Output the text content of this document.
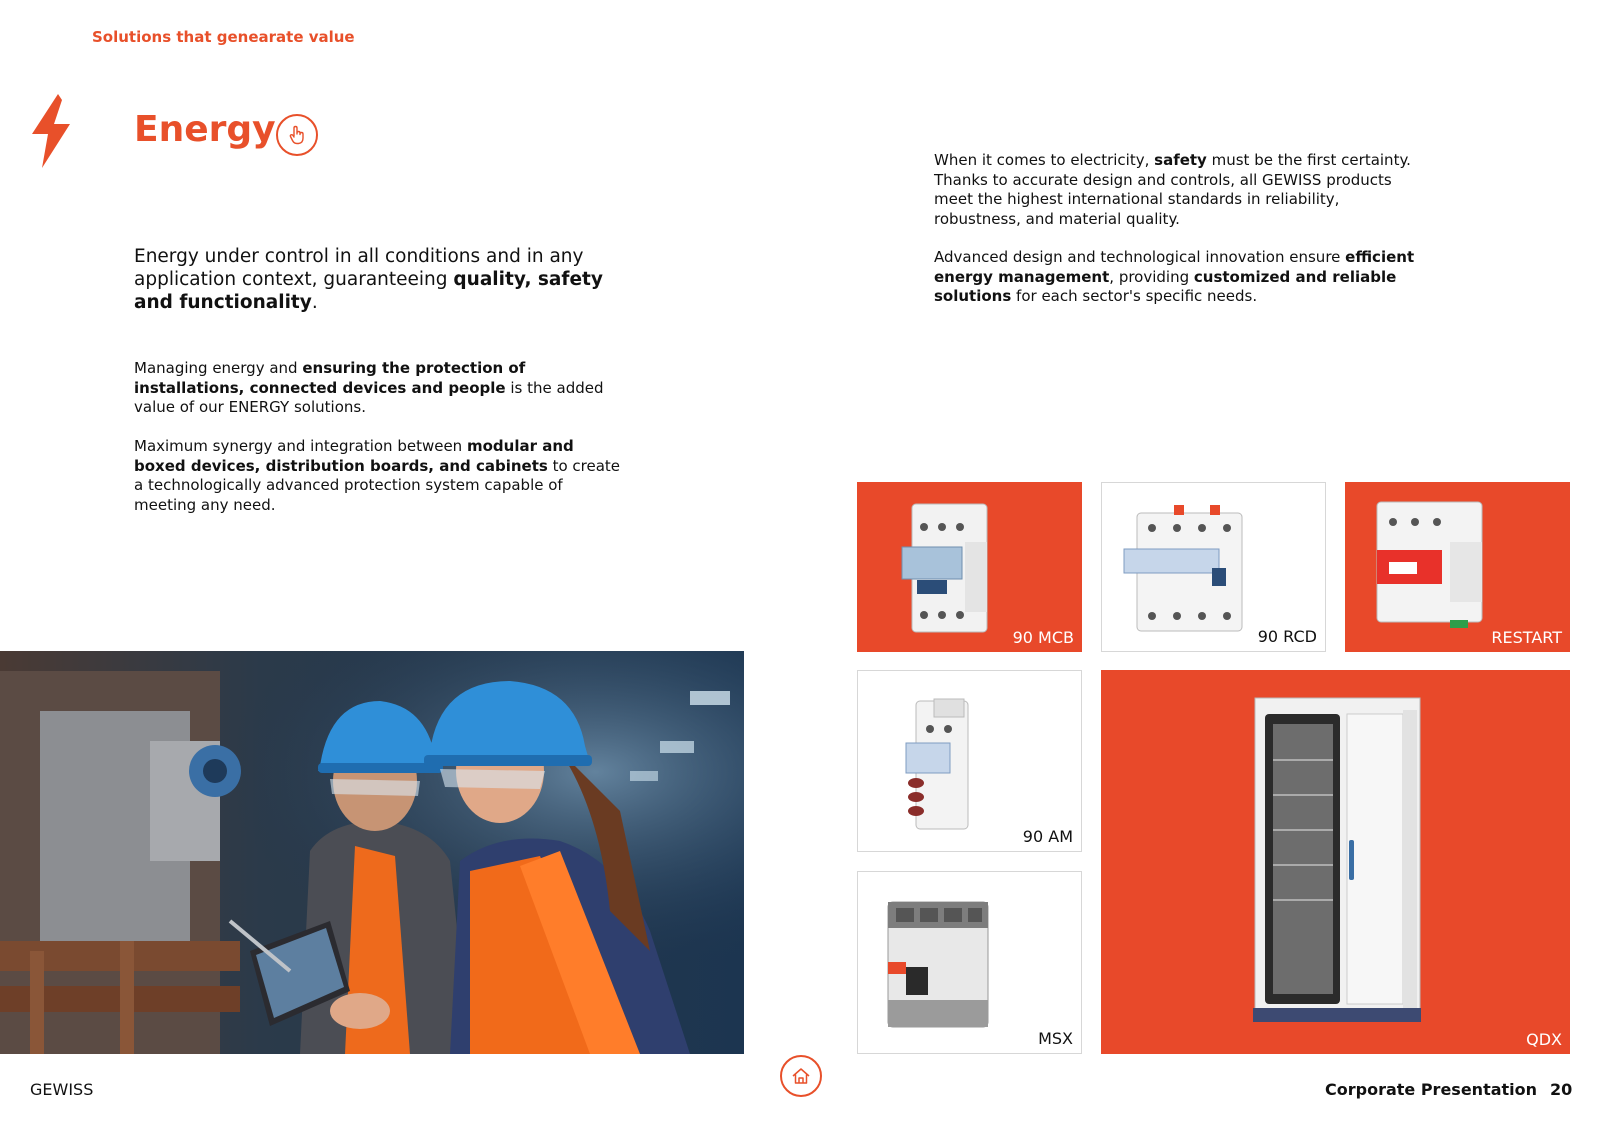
Solutions that genearate value
Energy
Energy under control in all conditions and in any application context, guaranteeing quality, safety and functionality.
Managing energy and ensuring the protection of installations, connected devices and people is the added value of our ENERGY solutions.
Maximum synergy and integration between modular and boxed devices, distribution boards, and cabinets to create a technologically advanced protection system capable of meeting any need.
When it comes to electricity, safety must be the first certainty. Thanks to accurate design and controls, all GEWISS products meet the highest international standards in reliability, robustness, and material quality.
Advanced design and technological innovation ensure efficient energy management, providing customized and reliable solutions for each sector's specific needs.
90 MCB	90 RCD	RESTART
90 AM
MSX	QDX
GEWISS	Corporate Presentation 20
